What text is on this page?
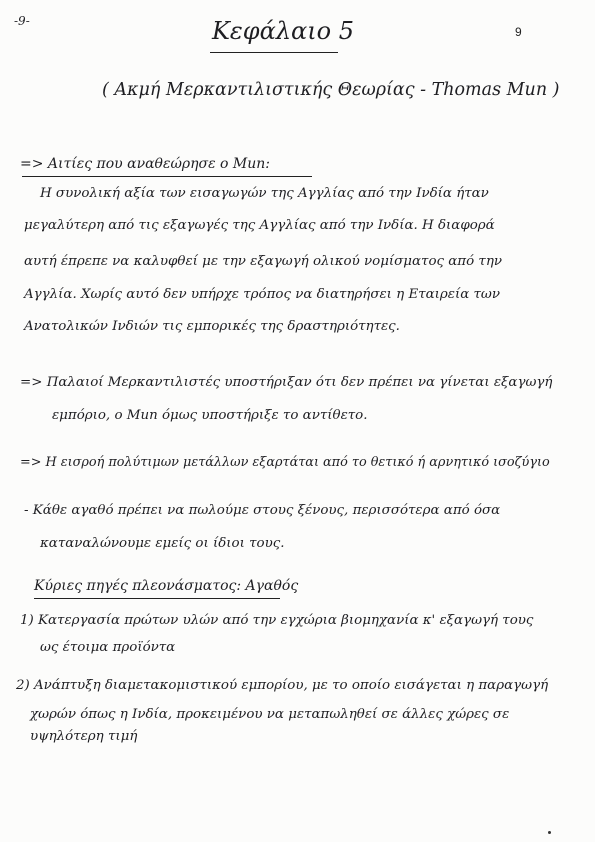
-9-
9
Κεφάλαιο 5
( Ακμή Μερκαντιλιστικής Θεωρίας - Thomas Mun )
=> Αιτίες που αναθεώρησε ο Mun:
Η συνολική αξία των εισαγωγών της Αγγλίας από την Ινδία ήταν
μεγαλύτερη από τις εξαγωγές της Αγγλίας από την Ινδία. Η διαφορά
αυτή έπρεπε να καλυφθεί με την εξαγωγή ολικού νομίσματος από την
Αγγλία. Χωρίς αυτό δεν υπήρχε τρόπος να διατηρήσει η Εταιρεία των
Ανατολικών Ινδιών τις εμπορικές της δραστηριότητες.
=> Παλαιοί Μερκαντιλιστές υποστήριξαν ότι δεν πρέπει να γίνεται εξαγωγή
εμπόριο, ο Mun όμως υποστήριξε το αντίθετο.
=> Η εισροή πολύτιμων μετάλλων εξαρτάται από το θετικό ή αρνητικό ισοζύγιο
- Κάθε αγαθό πρέπει να πωλούμε στους ξένους, περισσότερα από όσα
καταναλώνουμε εμείς οι ίδιοι τους.
Κύριες πηγές πλεονάσματος: Αγαθός
1) Κατεργασία πρώτων υλών από την εγχώρια βιομηχανία κ' εξαγωγή τους
ως έτοιμα προϊόντα
2) Ανάπτυξη διαμετακομιστικού εμπορίου, με το οποίο εισάγεται η παραγωγή
χωρών όπως η Ινδία, προκειμένου να μεταπωληθεί σε άλλες χώρες σε
υψηλότερη τιμή
